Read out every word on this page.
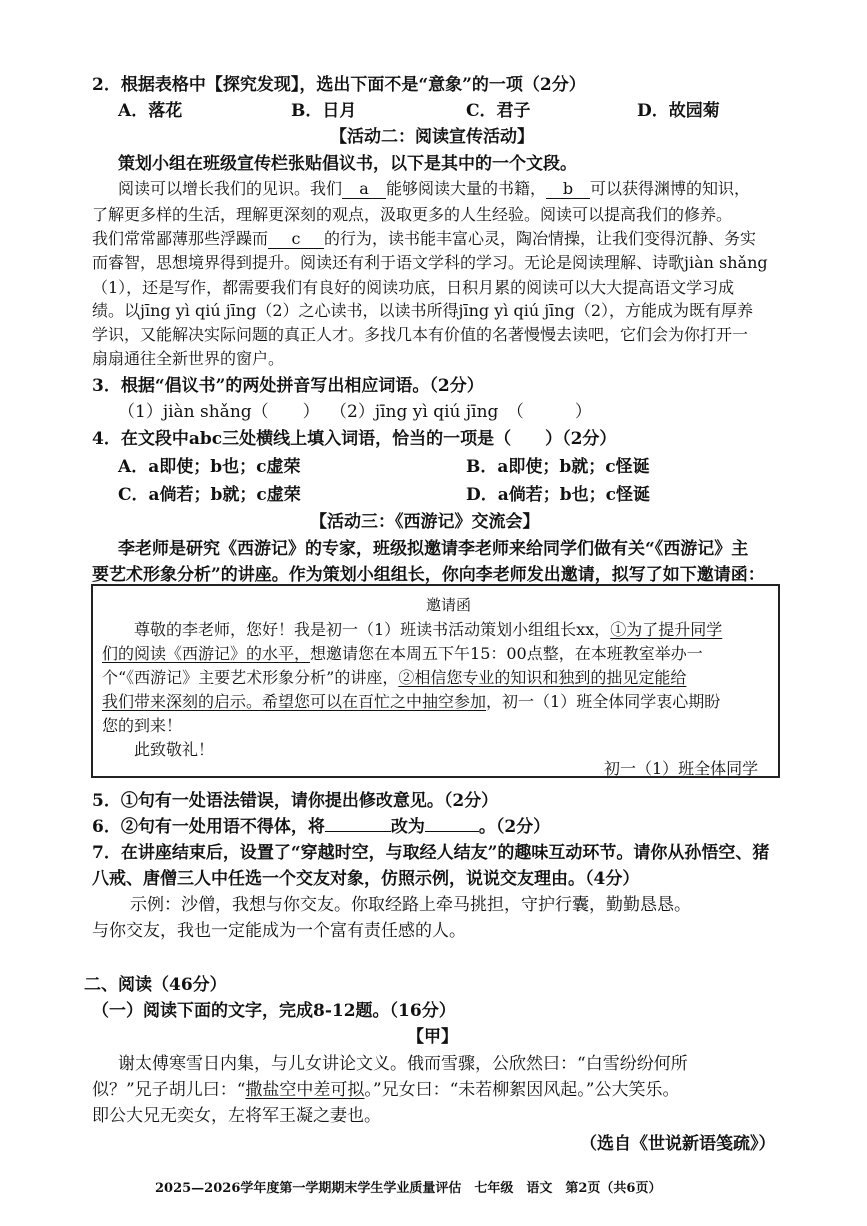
2．根据表格中【探究发现】，选出下面不是“意象”的一项（2分）
A．落花	B．日月	C．君子	D．故园菊
【活动二：阅读宣传活动】
策划小组在班级宣传栏张贴倡议书，以下是其中的一个文段。
阅读可以增长我们的见识。我们 a 能够阅读大量的书籍， b 可以获得渊博的知识，
了解更多样的生活，理解更深刻的观点，汲取更多的人生经验。阅读可以提高我们的修养。
我们常常鄙薄那些浮躁而 c 的行为，读书能丰富心灵，陶冶情操，让我们变得沉静、务实
而睿智，思想境界得到提升。阅读还有利于语文学科的学习。无论是阅读理解、诗歌jiàn shǎng
（1），还是写作，都需要我们有良好的阅读功底，日积月累的阅读可以大大提高语文学习成
绩。以jīng yì qiú jīng（2）之心读书，以读书所得jīng yì qiú jīng（2），方能成为既有厚养
学识，又能解决实际问题的真正人才。多找几本有价值的名著慢慢去读吧，它们会为你打开一
扇扇通往全新世界的窗户。
3．根据“倡议书”的两处拼音写出相应词语。（2分）
（1）jiàn shǎng（　　） （2）jīng yì qiú jīng　（　　　）
4．在文段中abc三处横线上填入词语，恰当的一项是（　　）（2分）
A．a即使；b也；c虚荣	B．a即使；b就；c怪诞
C．a倘若；b就；c虚荣	D．a倘若；b也；c怪诞
【活动三：《西游记》交流会】
李老师是研究《西游记》的专家，班级拟邀请李老师来给同学们做有关“《西游记》主
要艺术形象分析”的讲座。作为策划小组组长，你向李老师发出邀请，拟写了如下邀请函：
邀请函
尊敬的李老师，您好！我是初一（1）班读书活动策划小组组长xx，①为了提升同学
们的阅读《西游记》的水平，想邀请您在本周五下午15：00点整，在本班教室举办一
个“《西游记》主要艺术形象分析”的讲座，②相信您专业的知识和独到的拙见定能给
我们带来深刻的启示。希望您可以在百忙之中抽空参加，初一（1）班全体同学衷心期盼
您的到来！
此致敬礼！
初一（1）班全体同学
5．①句有一处语法错误，请你提出修改意见。（2分）
6．②句有一处用语不得体，将	改为	。（2分）
7．在讲座结束后，设置了“穿越时空，与取经人结友”的趣味互动环节。请你从孙悟空、猪
八戒、唐僧三人中任选一个交友对象，仿照示例，说说交友理由。（4分）
示例：沙僧，我想与你交友。你取经路上牵马挑担，守护行囊，勤勤恳恳。
与你交友，我也一定能成为一个富有责任感的人。
二、阅读（46分）
（一）阅读下面的文字，完成8-12题。（16分）
【甲】
谢太傅寒雪日内集，与儿女讲论文义。俄而雪骤，公欣然曰：“白雪纷纷何所
似？”兄子胡儿曰：“撒盐空中差可拟。”兄女曰：“未若柳絮因风起。”公大笑乐。
即公大兄无奕女，左将军王凝之妻也。
（选自《世说新语笺疏》）
2025—2026学年度第一学期期末学生学业质量评估　七年级　语文　第2页（共6页）
